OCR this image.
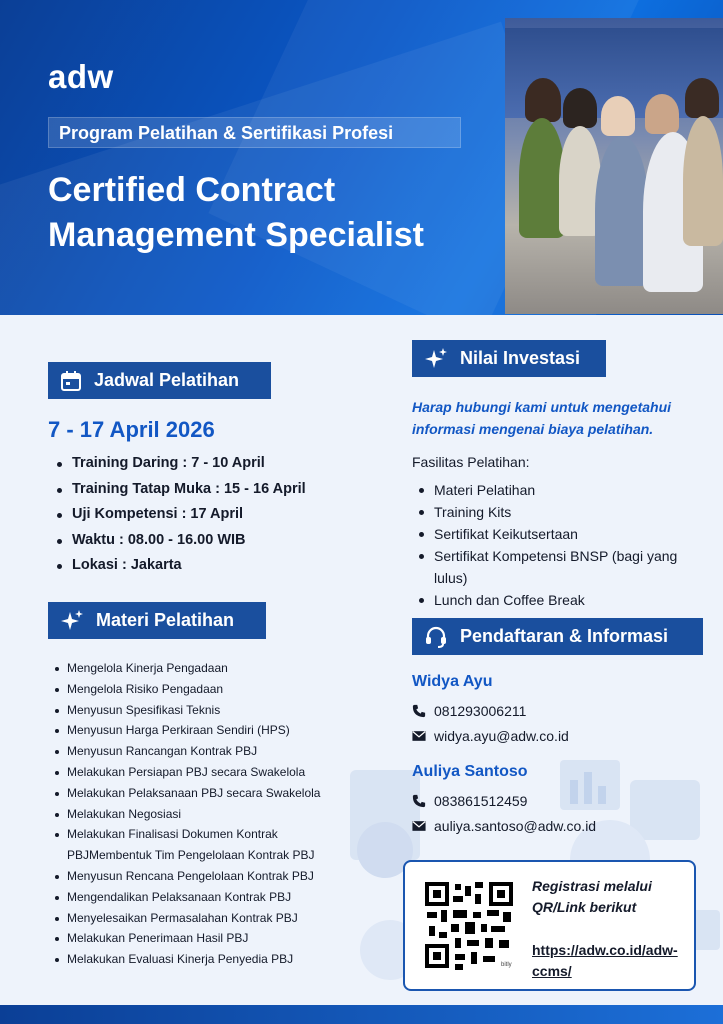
adw
Program Pelatihan & Sertifikasi Profesi
Certified Contract
Management Specialist
Jadwal Pelatihan
7 - 17 April 2026
Training Daring : 7 - 10 April
Training Tatap Muka : 15 - 16 April
Uji Kompetensi : 17 April
Waktu : 08.00 - 16.00 WIB
Lokasi : Jakarta
Materi Pelatihan
Mengelola Kinerja Pengadaan
Mengelola Risiko Pengadaan
Menyusun Spesifikasi Teknis
Menyusun Harga Perkiraan Sendiri (HPS)
Menyusun Rancangan Kontrak PBJ
Melakukan Persiapan PBJ secara Swakelola
Melakukan Pelaksanaan PBJ secara Swakelola
Melakukan Negosiasi
Melakukan Finalisasi Dokumen Kontrak PBJMembentuk Tim Pengelolaan Kontrak PBJ
Menyusun Rencana Pengelolaan Kontrak PBJ
Mengendalikan Pelaksanaan Kontrak PBJ
Menyelesaikan Permasalahan Kontrak PBJ
Melakukan Penerimaan Hasil PBJ
Melakukan Evaluasi Kinerja Penyedia PBJ
Nilai Investasi
Harap hubungi kami untuk mengetahui informasi mengenai biaya pelatihan.
Fasilitas Pelatihan:
Materi Pelatihan
Training Kits
Sertifikat Keikutsertaan
Sertifikat Kompetensi BNSP (bagi yang lulus)
Lunch dan Coffee Break
Pendaftaran & Informasi
Widya Ayu
081293006211
widya.ayu@adw.co.id
Auliya Santoso
083861512459
auliya.santoso@adw.co.id
bitly
Registrasi melalui QR/Link berikut
https://adw.co.id/adw-ccms/
